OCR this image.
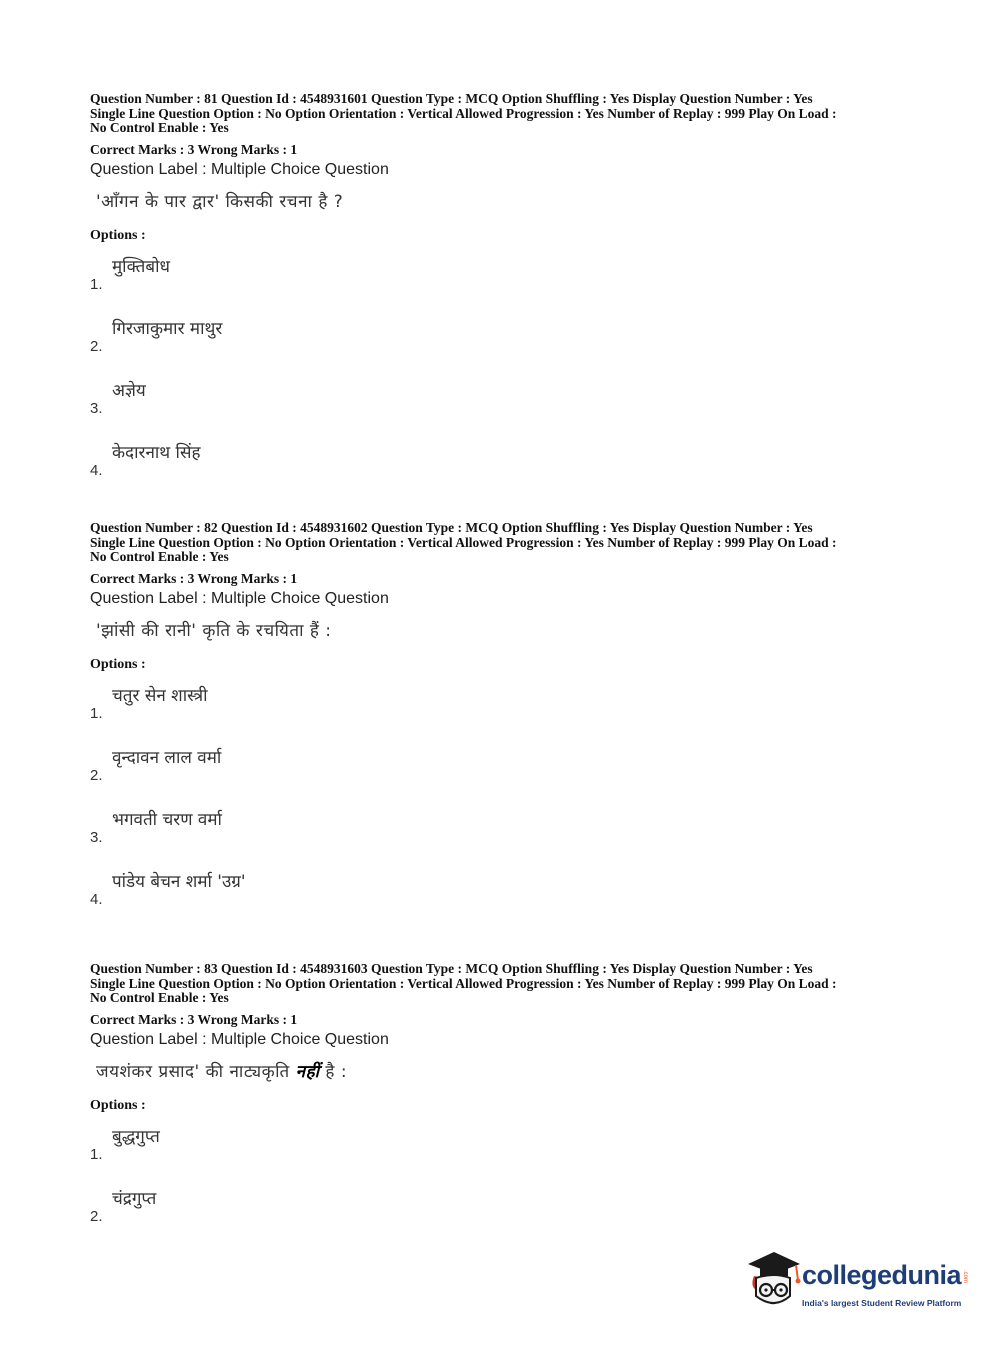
Question Number : 81 Question Id : 4548931601 Question Type : MCQ Option Shuffling : Yes Display Question Number : Yes
Single Line Question Option : No Option Orientation : Vertical Allowed Progression : Yes Number of Replay : 999 Play On Load :
No Control Enable : Yes
Correct Marks : 3 Wrong Marks : 1
Question Label : Multiple Choice Question
'आँगन के पार द्वार' किसकी रचना है ?
Options :
1.
मुक्तिबोध
2.
गिरजाकुमार माथुर
3.
अज्ञेय
4.
केदारनाथ सिंह
Question Number : 82 Question Id : 4548931602 Question Type : MCQ Option Shuffling : Yes Display Question Number : Yes
Single Line Question Option : No Option Orientation : Vertical Allowed Progression : Yes Number of Replay : 999 Play On Load :
No Control Enable : Yes
Correct Marks : 3 Wrong Marks : 1
Question Label : Multiple Choice Question
'झांसी की रानी' कृति के रचयिता हैं :
Options :
1.
चतुर सेन शास्त्री
2.
वृन्दावन लाल वर्मा
3.
भगवती चरण वर्मा
4.
पांडेय बेचन शर्मा 'उग्र'
Question Number : 83 Question Id : 4548931603 Question Type : MCQ Option Shuffling : Yes Display Question Number : Yes
Single Line Question Option : No Option Orientation : Vertical Allowed Progression : Yes Number of Replay : 999 Play On Load :
No Control Enable : Yes
Correct Marks : 3 Wrong Marks : 1
Question Label : Multiple Choice Question
जयशंकर प्रसाद' की नाट्यकृति नहीं है :
Options :
1.
बुद्धगुप्त
2.
चंद्रगुप्त
collegedunia .com
India's largest Student Review Platform
